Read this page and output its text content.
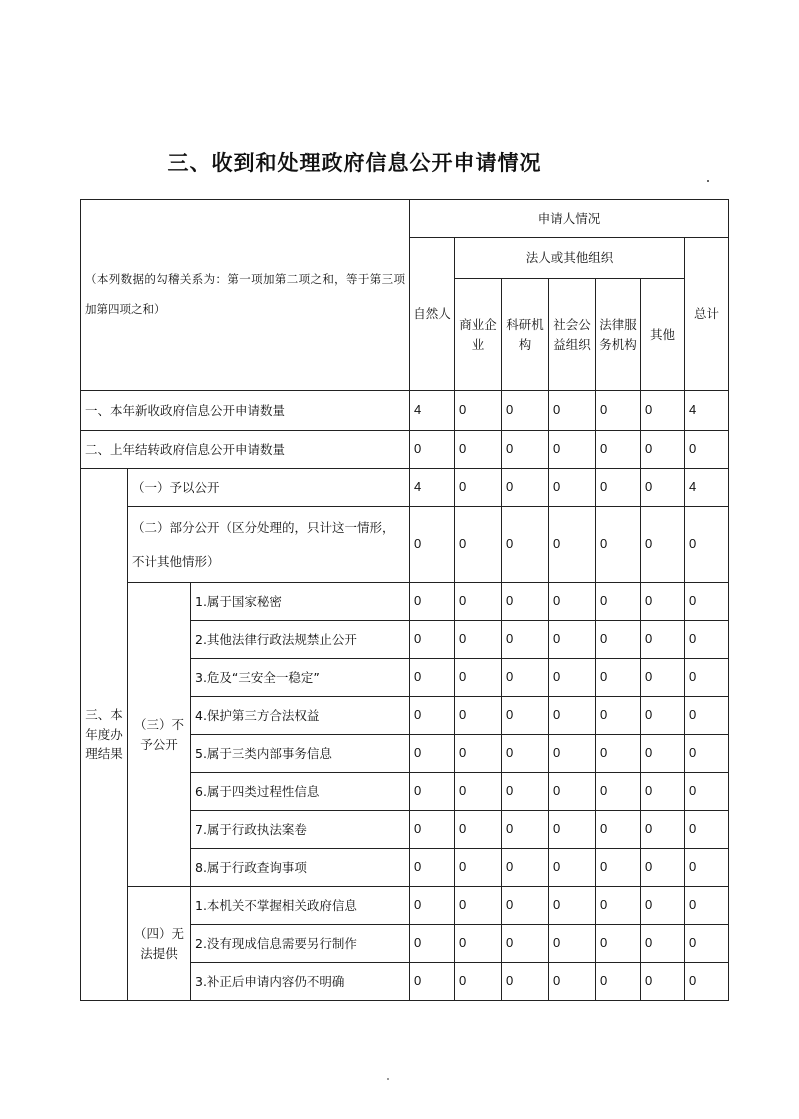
三、收到和处理政府信息公开申请情况
（本列数据的勾稽关系为：第一项加第二项之和，等于第三项加第四项之和）			申请人情况						
			自然人	法人或其他组织					总计
				商业企业	科研机构	社会公益组织	法律服务机构	其他	
一、本年新收政府信息公开申请数量			4	0	0	0	0	0	4
二、上年结转政府信息公开申请数量			0	0	0	0	0	0	0
三、本年度办理结果	（一）予以公开		4	0	0	0	0	0	4
	（二）部分公开（区分处理的，只计这一情形，不计其他情形）		0	0	0	0	0	0	0
	（三）不予公开	1.属于国家秘密	0	0	0	0	0	0	0
		2.其他法律行政法规禁止公开	0	0	0	0	0	0	0
		3.危及“三安全一稳定”	0	0	0	0	0	0	0
		4.保护第三方合法权益	0	0	0	0	0	0	0
		5.属于三类内部事务信息	0	0	0	0	0	0	0
		6.属于四类过程性信息	0	0	0	0	0	0	0
		7.属于行政执法案卷	0	0	0	0	0	0	0
		8.属于行政查询事项	0	0	0	0	0	0	0
	（四）无法提供	1.本机关不掌握相关政府信息	0	0	0	0	0	0	0
		2.没有现成信息需要另行制作	0	0	0	0	0	0	0
		3.补正后申请内容仍不明确	0	0	0	0	0	0	0
